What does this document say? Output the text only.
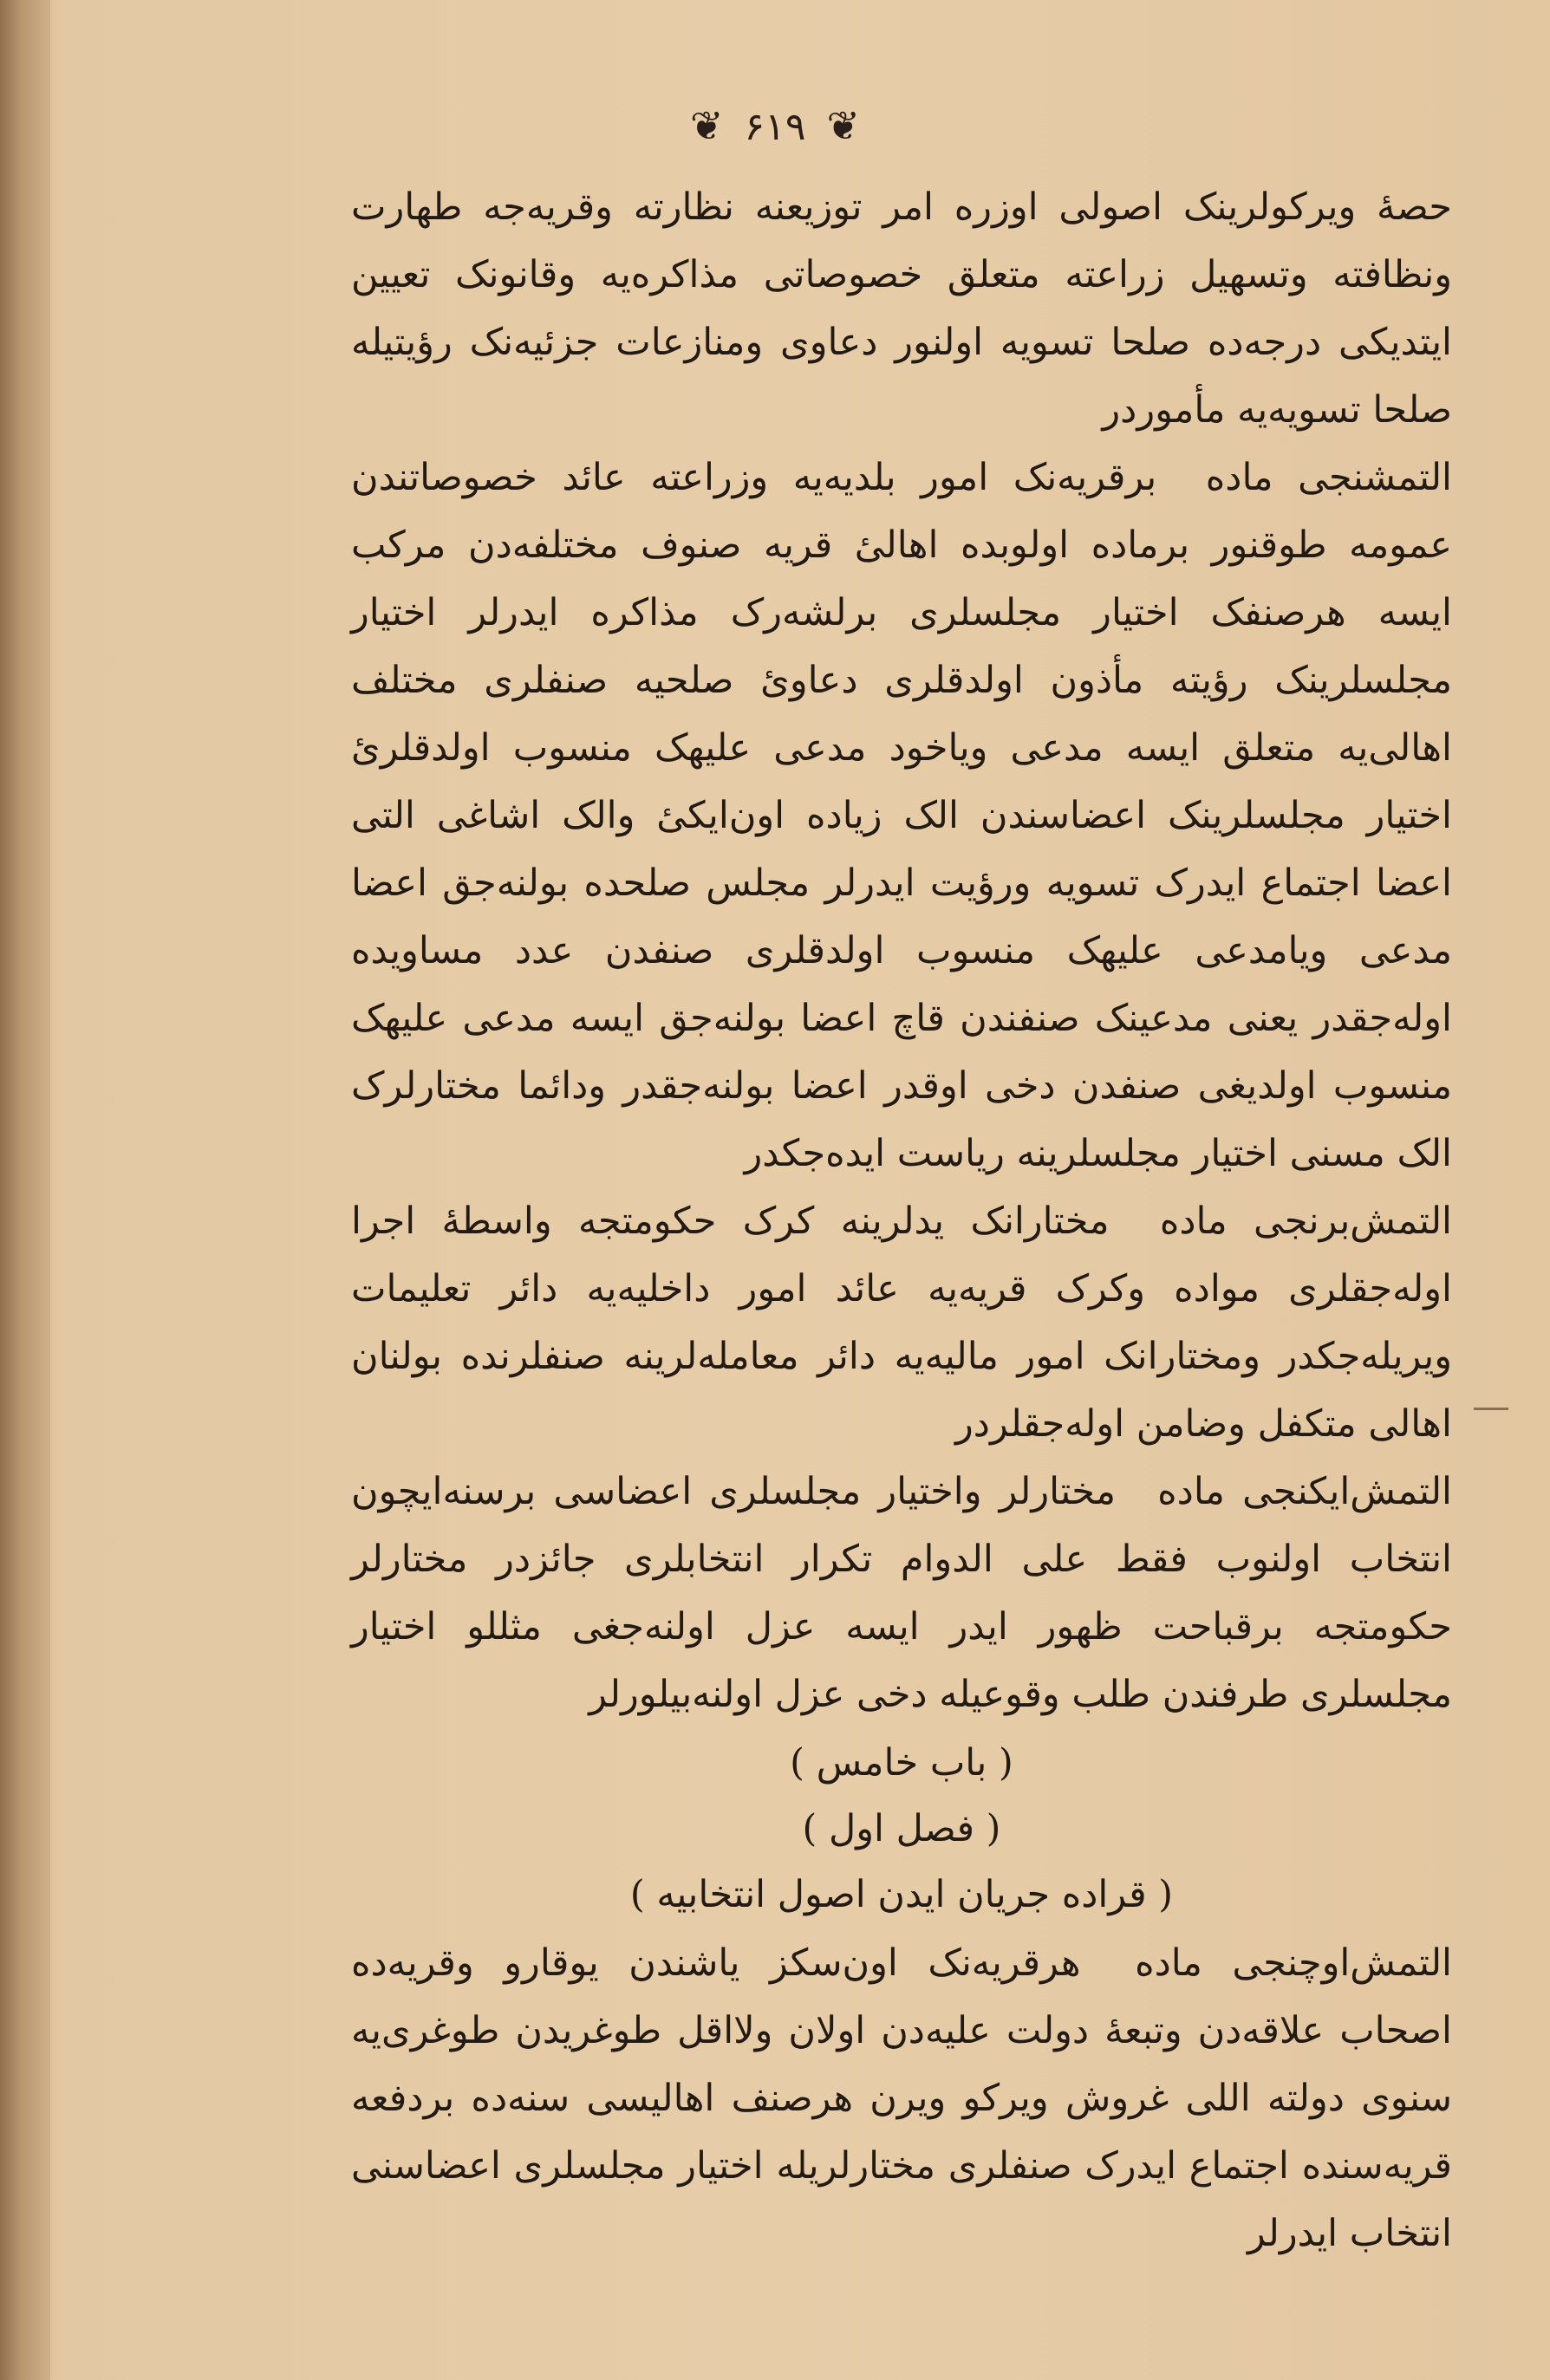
❦ ۶۱۹ ❦

حصه‌ٔ ویرکولرینک اصولی اوزره امر توزیعنه نظارته وقریه‌جه طهارت ونظافته وتسهیل زراعته متعلق خصوصاتی مذاکره‌یه وقانونک تعیین ایتدیکی درجه‌ده صلحا تسویه اولنور دعاوی ومنازعات جزئیه‌نک رؤیتیله صلحا تسویه‌یه مأموردر

التمشنجی ماده برقریه‌نک امور بلدیه‌یه وزراعته عائد خصوصاتندن عمومه طوقنور برماده اولوبده اهالیٔ قریه صنوف مختلفه‌دن مرکب ایسه هرصنفک اختیار مجلسلری برلشه‌رک مذاکره ایدرلر اختیار مجلسلرینک رؤیته مأذون اولدقلری دعاویٔ صلحیه صنفلری مختلف اهالی‌یه متعلق ایسه مدعی ویاخود مدعی علیهک منسوب اولدقلریٔ اختیار مجلسلرینک اعضاسندن الک زیاده اون‌ایکیٔ والک اشاغی التی اعضا اجتماع ایدرک تسویه ورؤیت ایدرلر مجلس صلحده بولنه‌جق اعضا مدعی ویامدعی علیهک منسوب اولدقلری صنفدن عدد مساویده اوله‌جقدر یعنی مدعینک صنفندن قاچ اعضا بولنه‌جق ایسه مدعی علیهک منسوب اولدیغی صنفدن دخی اوقدر اعضا بولنه‌جقدر ودائما مختارلرک الک مسنی اختیار مجلسلرینه ریاست ایده‌جکدر

التمش‌برنجی ماده مختارانک یدلرینه کرک حکومتجه واسطه‌ٔ اجرا اوله‌جقلری مواده وکرک قریه‌یه عائد امور داخلیه‌یه دائر تعلیمات ویریله‌جکدر ومختارانک امور مالیه‌یه دائر معامله‌لرینه صنفلرنده بولنان اهالی متکفل وضامن اوله‌جقلردر

التمش‌ایکنجی ماده مختارلر واختیار مجلسلری اعضاسی برسنه‌ایچون انتخاب اولنوب فقط علی الدوام تکرار انتخابلری جائزدر مختارلر حکومتجه برقباحت ظهور ایدر ایسه عزل اولنه‌جغی مثللو اختیار مجلسلری طرفندن طلب وقوعیله دخی عزل اولنه‌بیلورلر

( باب خامس )

( فصل اول )

( قراده جریان ایدن اصول انتخابیه )

التمش‌اوچنجی ماده هرقریه‌نک اون‌سکز یاشندن یوقارو وقریه‌ده اصحاب علاقه‌دن وتبعه‌ٔ دولت علیه‌دن اولان ولااقل طوغریدن طوغری‌یه سنوی دولته اللی غروش ویرکو ویرن هرصنف اهالیسی سنه‌ده بردفعه قریه‌سنده اجتماع ایدرک صنفلری مختارلریله اختیار مجلسلری اعضاسنی انتخاب ایدرلر
